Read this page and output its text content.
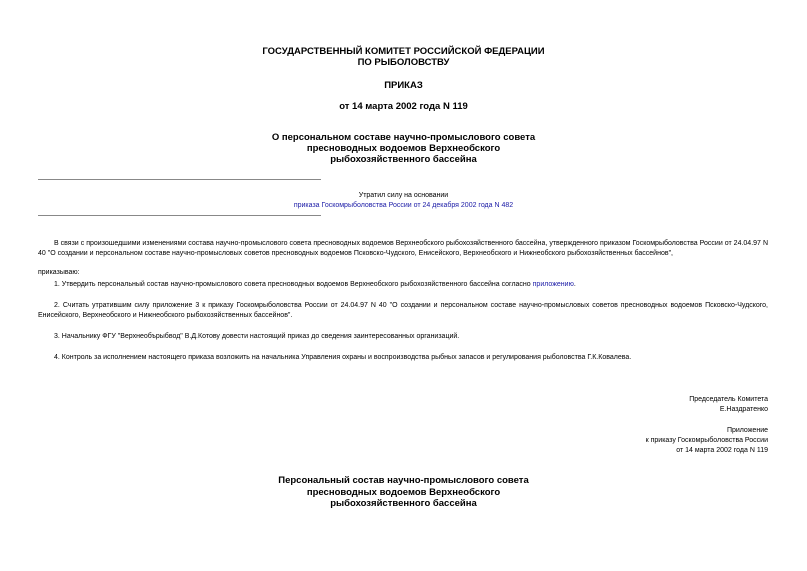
ГОСУДАРСТВЕННЫЙ КОМИТЕТ РОССИЙСКОЙ ФЕДЕРАЦИИ
ПО РЫБОЛОВСТВУ
ПРИКАЗ
от 14 марта 2002 года N 119
О персональном составе научно-промыслового совета
пресноводных водоемов Верхнеобского
рыбохозяйственного бассейна
Утратил силу на основании
приказа Госкомрыболовства России от 24 декабря 2002 года N 482
В связи с произошедшими изменениями состава научно-промыслового совета пресноводных водоемов Верхнеобского рыбохозяйственного бассейна, утвержденного приказом Госкомрыболовства России от 24.04.97 N 40 "О создании и персональном составе научно-промысловых советов пресноводных водоемов Псковско-Чудского, Енисейского, Верхнеобского и Нижнеобского рыбохозяйственных бассейнов",
приказываю:
1. Утвердить персональный состав научно-промыслового совета пресноводных водоемов Верхнеобского рыбохозяйственного бассейна согласно приложению.
2. Считать утратившим силу приложение 3 к приказу Госкомрыболовства России от 24.04.97 N 40 "О создании и персональном составе научно-промысловых советов пресноводных водоемов Псковско-Чудского, Енисейского, Верхнеобского и Нижнеобского рыбохозяйственных бассейнов".
3. Начальнику ФГУ "Верхнеобърыбвод" В.Д.Котову довести настоящий приказ до сведения заинтересованных организаций.
4. Контроль за исполнением настоящего приказа возложить на начальника Управления охраны и воспроизводства рыбных запасов и регулирования рыболовства Г.К.Ковалева.
Председатель Комитета
Е.Наздратенко
Приложение
к приказу Госкомрыболовства России
от 14 марта 2002 года N 119
Персональный состав научно-промыслового совета
пресноводных водоемов Верхнеобского
рыбохозяйственного бассейна
